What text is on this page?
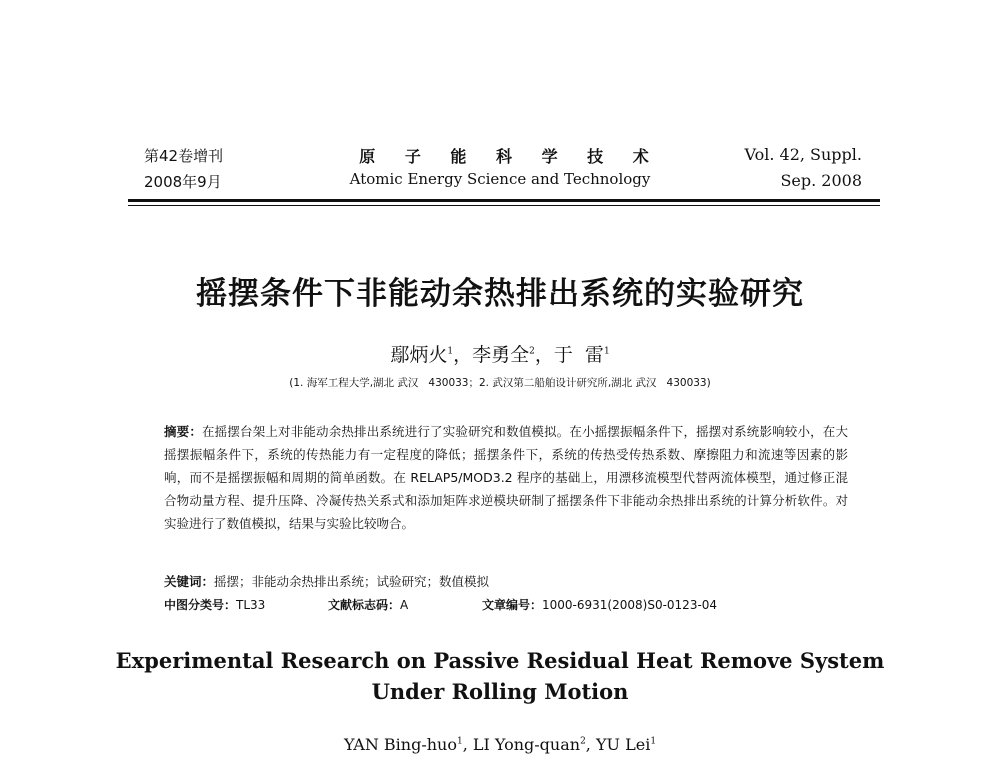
第42卷增刊
2008年9月
原 子 能 科 学 技 术
Atomic Energy Science and Technology
Vol. 42, Suppl.
Sep. 2008
摇摆条件下非能动余热排出系统的实验研究
鄢炳火$^1$，李勇全$^2$，于  雷$^1$
(1. 海军工程大学,湖北 武汉   430033；2. 武汉第二船舶设计研究所,湖北 武汉   430033)
摘要：在摇摆台架上对非能动余热排出系统进行了实验研究和数值模拟。在小摇摆振幅条件下，摇摆对系统影响较小，在大摇摆振幅条件下，系统的传热能力有一定程度的降低；摇摆条件下，系统的传热受传热系数、摩擦阻力和流速等因素的影响，而不是摇摆振幅和周期的简单函数。在 RELAP5/MOD3.2 程序的基础上，用漂移流模型代替两流体模型，通过修正混合物动量方程、提升压降、冷凝传热关系式和添加矩阵求逆模块研制了摇摆条件下非能动余热排出系统的计算分析软件。对实验进行了数值模拟，结果与实验比较吻合。
关键词：摇摆；非能动余热排出系统；试验研究；数值模拟
中图分类号：TL33	文献标志码：A	文章编号：1000-6931(2008)S0-0123-04
Experimental Research on Passive Residual Heat Remove System
Under Rolling Motion
YAN Bing-huo$^1$, LI Yong-quan$^2$, YU Lei$^1$
